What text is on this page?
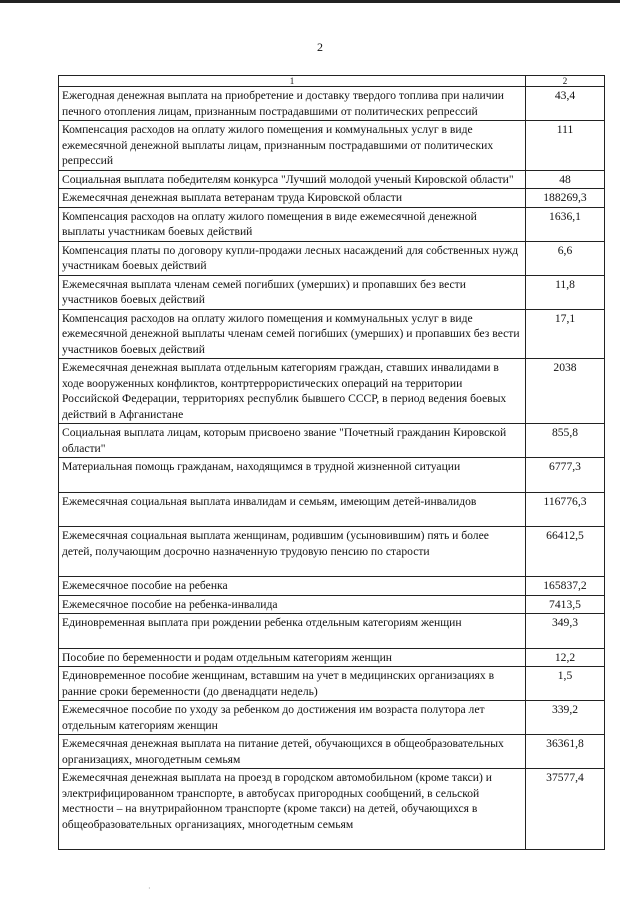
2
1	2
Ежегодная денежная выплата на приобретение и доставку твердого топлива при наличии печного отопления лицам, признанным пострадавшими от политических репрессий	43,4
Компенсация расходов на оплату жилого помещения и коммунальных услуг в виде ежемесячной денежной выплаты лицам, признанным пострадавшими от политических репрессий	111
Социальная выплата победителям конкурса "Лучший молодой ученый Кировской области"	48
Ежемесячная денежная выплата ветеранам труда Кировской области	188269,3
Компенсация расходов на оплату жилого помещения в виде ежемесячной денежной выплаты участникам боевых действий	1636,1
Компенсация платы по договору купли-продажи лесных насаждений для собственных нужд участникам боевых действий	6,6
Ежемесячная выплата членам семей погибших (умерших) и пропавших без вести участников боевых действий	11,8
Компенсация расходов на оплату жилого помещения и коммунальных услуг в виде ежемесячной денежной выплаты членам семей погибших (умерших) и пропавших без вести участников боевых действий	17,1
Ежемесячная денежная выплата отдельным категориям граждан, ставших инвалидами в ходе вооруженных конфликтов, контртеррористических операций на территории Российской Федерации, территориях республик бывшего СССР, в период ведения боевых действий в Афганистане	2038
Социальная выплата лицам, которым присвоено звание "Почетный гражданин Кировской области"	855,8
Материальная помощь гражданам, находящимся в трудной жизненной ситуации	6777,3
Ежемесячная социальная выплата инвалидам и семьям, имеющим детей-инвалидов	116776,3
Ежемесячная социальная выплата женщинам, родившим (усыновившим) пять и более детей, получающим досрочно назначенную трудовую пенсию по старости	66412,5
Ежемесячное пособие на ребенка	165837,2
Ежемесячное пособие на ребенка-инвалида	7413,5
Единовременная выплата при рождении ребенка отдельным категориям женщин	349,3
Пособие по беременности и родам отдельным категориям женщин	12,2
Единовременное пособие женщинам, вставшим на учет в медицинских организациях в ранние сроки беременности (до двенадцати недель)	1,5
Ежемесячное пособие по уходу за ребенком до достижения им возраста полутора лет отдельным категориям женщин	339,2
Ежемесячная денежная выплата на питание детей, обучающихся в общеобразовательных организациях, многодетным семьям	36361,8
Ежемесячная денежная выплата на проезд в городском автомобильном (кроме такси) и электрифицированном транспорте, в автобусах пригородных сообщений, в сельской местности – на внутрирайонном транспорте (кроме такси) на детей, обучающихся в общеобразовательных организациях, многодетным семьям	37577,4
·
